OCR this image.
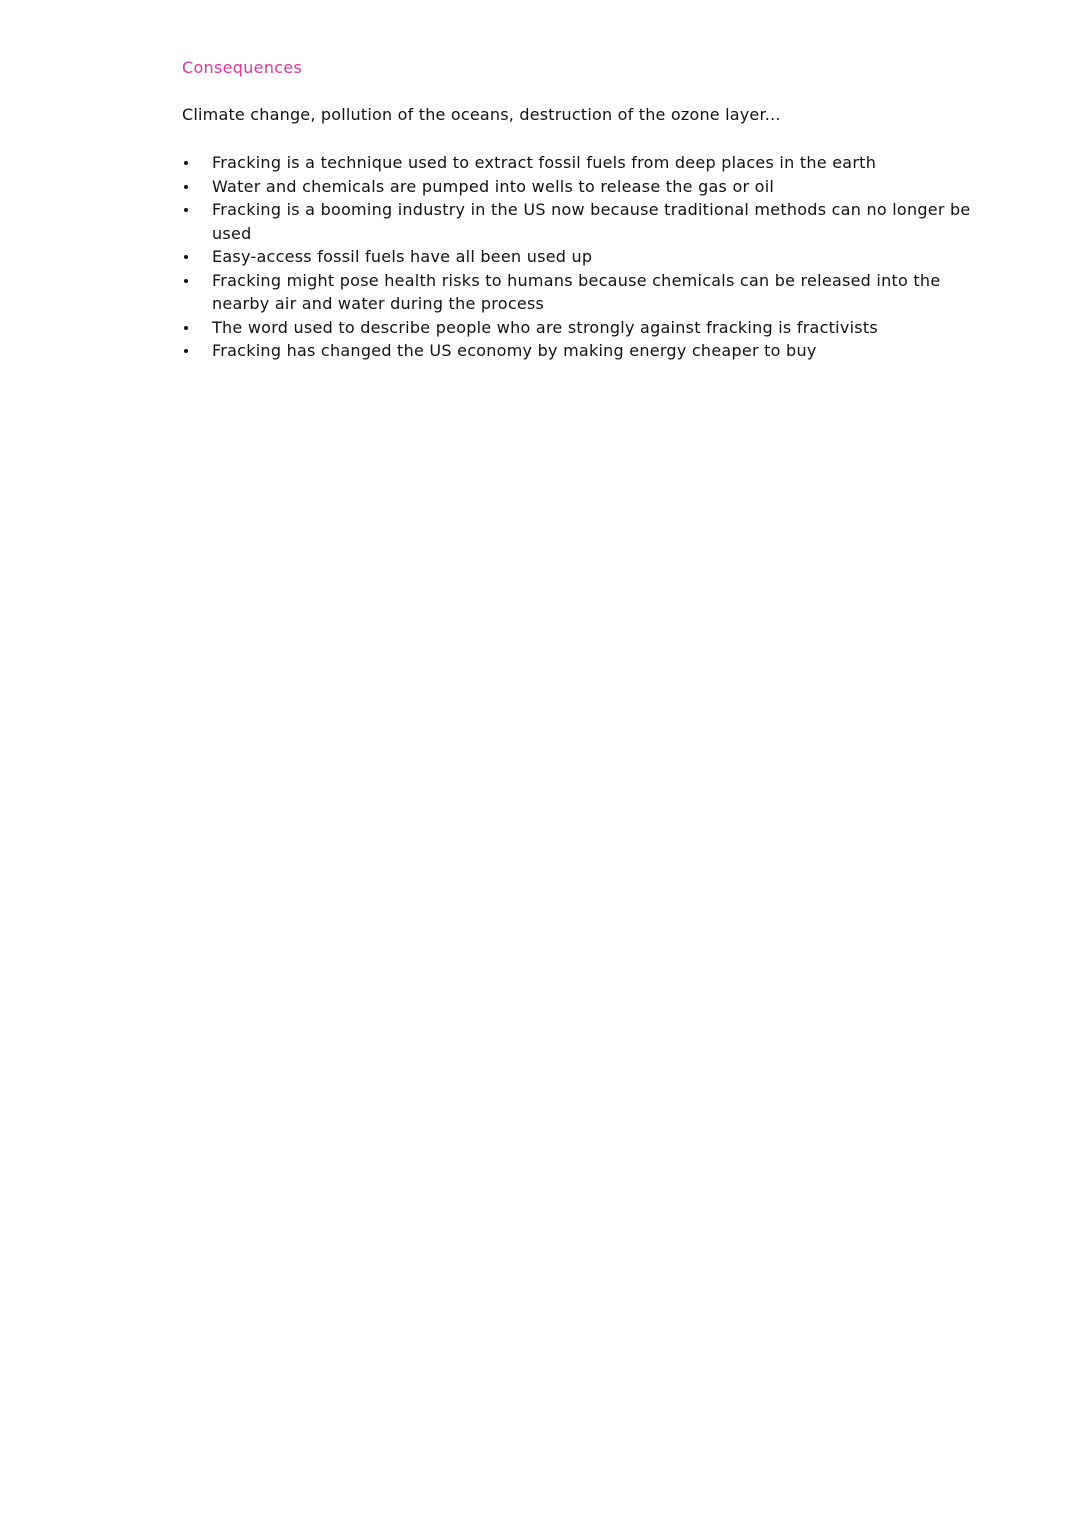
Consequences
Climate change, pollution of the oceans, destruction of the ozone layer...
Fracking is a technique used to extract fossil fuels from deep places in the earth
Water and chemicals are pumped into wells to release the gas or oil
Fracking is a booming industry in the US now because traditional methods can no longer be used
Easy-access fossil fuels have all been used up
Fracking might pose health risks to humans because chemicals can be released into the nearby air and water during the process
The word used to describe people who are strongly against fracking is fractivists
Fracking has changed the US economy by making energy cheaper to buy
